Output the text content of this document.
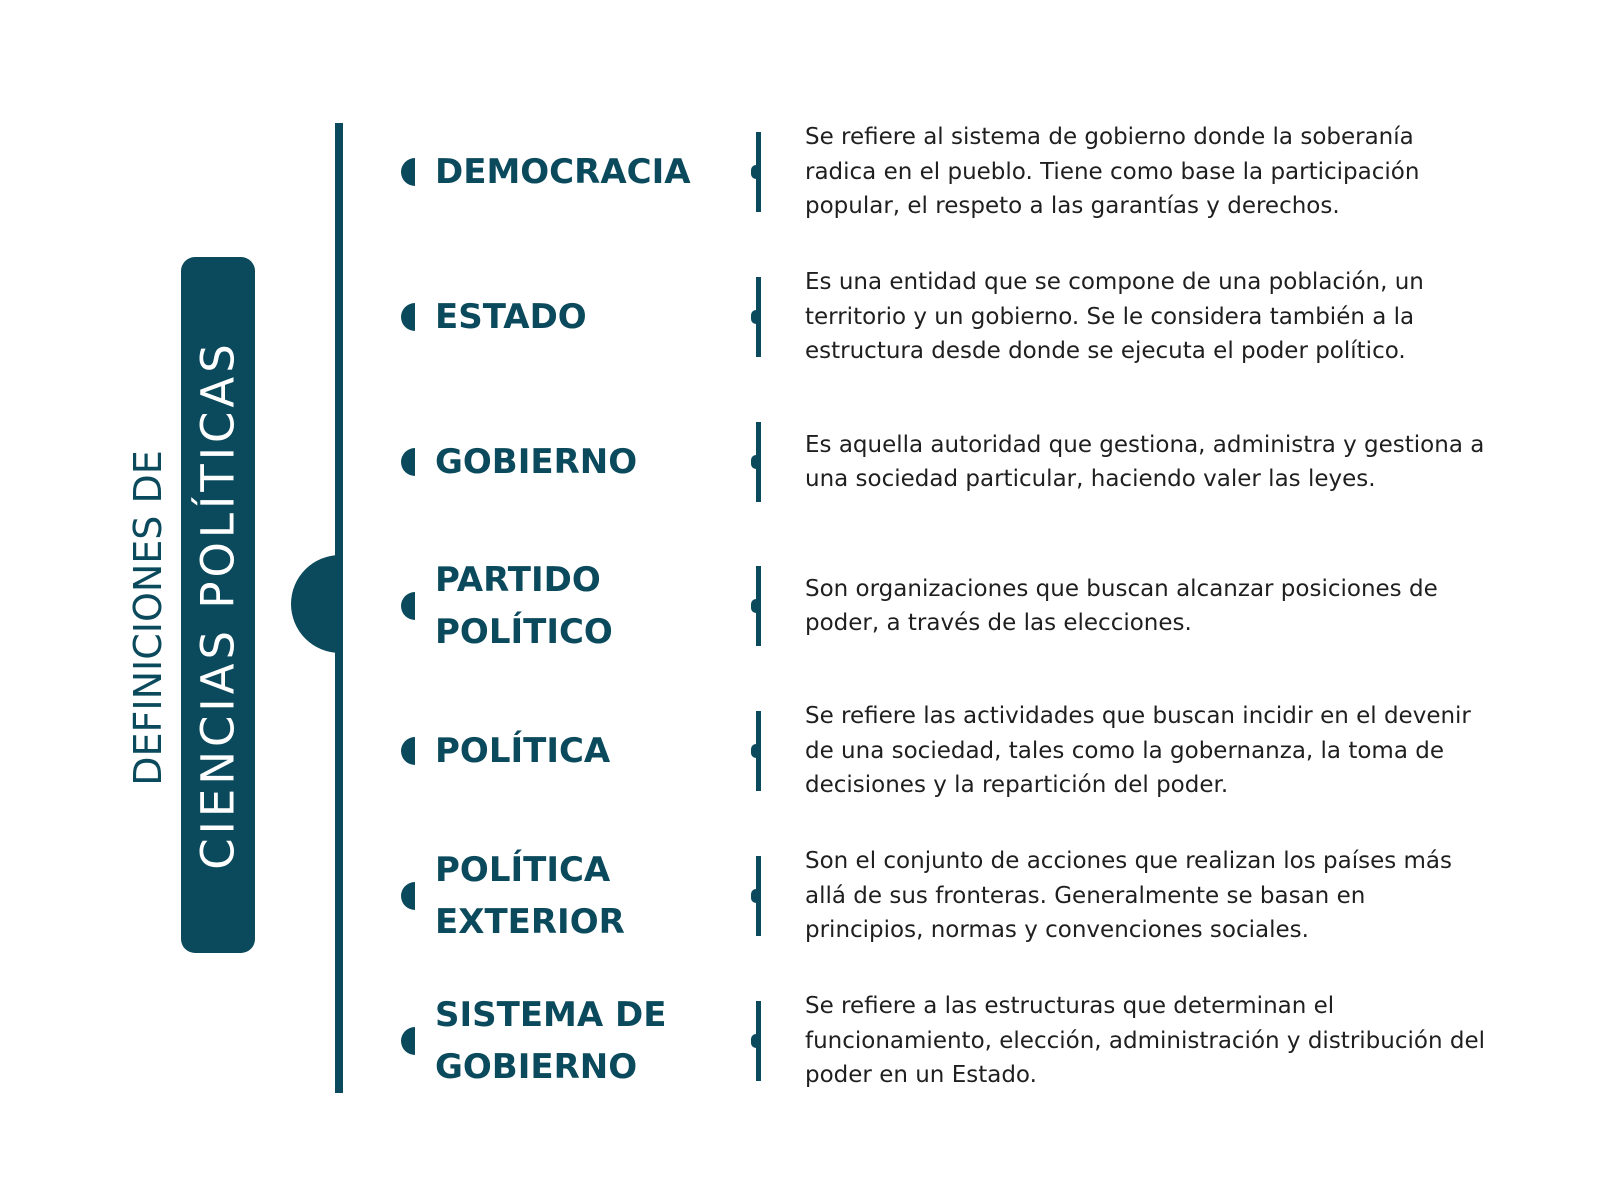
DEFINICIONES DE CIENCIAS POLÍTICAS
DEMOCRACIA
Se refiere al sistema de gobierno donde la soberanía radica en el pueblo. Tiene como base la participación popular, el respeto a las garantías y derechos.
ESTADO
Es una entidad que se compone de una población, un territorio y un gobierno. Se le considera también a la estructura desde donde se ejecuta el poder político.
GOBIERNO	Es aquella autoridad que gestiona, administra y gestiona a una sociedad particular, haciendo valer las leyes.
PARTIDO POLÍTICO
Son organizaciones que buscan alcanzar posiciones de poder, a través de las elecciones.
POLÍTICA
Se refiere las actividades que buscan incidir en el devenir de una sociedad, tales como la gobernanza, la toma de decisiones y la repartición del poder.
POLÍTICA EXTERIOR
Son el conjunto de acciones que realizan los países más allá de sus fronteras. Generalmente se basan en principios, normas y convenciones sociales.
SISTEMA DE GOBIERNO
Se refiere a las estructuras que determinan el funcionamiento, elección, administración y distribución del poder en un Estado.
